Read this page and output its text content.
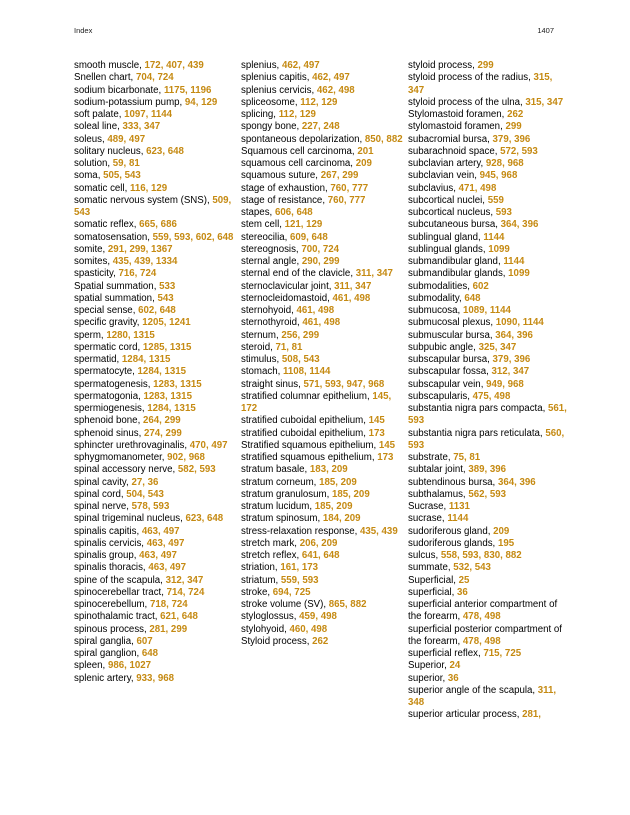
Index	1407
smooth muscle, 172, 407, 439
Snellen chart, 704, 724
sodium bicarbonate, 1175, 1196
sodium-potassium pump, 94, 129
soft palate, 1097, 1144
soleal line, 333, 347
soleus, 489, 497
solitary nucleus, 623, 648
solution, 59, 81
soma, 505, 543
somatic cell, 116, 129
somatic nervous system (SNS), 509, 543
somatic reflex, 665, 686
somatosensation, 559, 593, 602, 648
somite, 291, 299, 1367
somites, 435, 439, 1334
spasticity, 716, 724
Spatial summation, 533
spatial summation, 543
special sense, 602, 648
specific gravity, 1205, 1241
sperm, 1280, 1315
spermatic cord, 1285, 1315
spermatid, 1284, 1315
spermatocyte, 1284, 1315
spermatogenesis, 1283, 1315
spermatogonia, 1283, 1315
spermiogenesis, 1284, 1315
sphenoid bone, 264, 299
sphenoid sinus, 274, 299
sphincter urethrovaginalis, 470, 497
sphygmomanometer, 902, 968
spinal accessory nerve, 582, 593
spinal cavity, 27, 36
spinal cord, 504, 543
spinal nerve, 578, 593
spinal trigeminal nucleus, 623, 648
spinalis capitis, 463, 497
spinalis cervicis, 463, 497
spinalis group, 463, 497
spinalis thoracis, 463, 497
spine of the scapula, 312, 347
spinocerebellar tract, 714, 724
spinocerebellum, 718, 724
spinothalamic tract, 621, 648
spinous process, 281, 299
spiral ganglia, 607
spiral ganglion, 648
spleen, 986, 1027
splenic artery, 933, 968
splenius, 462, 497
splenius capitis, 462, 497
splenius cervicis, 462, 498
spliceosome, 112, 129
splicing, 112, 129
spongy bone, 227, 248
spontaneous depolarization, 850, 882
Squamous cell carcinoma, 201
squamous cell carcinoma, 209
squamous suture, 267, 299
stage of exhaustion, 760, 777
stage of resistance, 760, 777
stapes, 606, 648
stem cell, 121, 129
stereocilia, 609, 648
stereognosis, 700, 724
sternal angle, 290, 299
sternal end of the clavicle, 311, 347
sternoclavicular joint, 311, 347
sternocleidomastoid, 461, 498
sternohyoid, 461, 498
sternothyroid, 461, 498
sternum, 256, 299
steroid, 71, 81
stimulus, 508, 543
stomach, 1108, 1144
straight sinus, 571, 593, 947, 968
stratified columnar epithelium, 145, 172
stratified cuboidal epithelium, 145
stratified cuboidal epithelium, 173
Stratified squamous epithelium, 145
stratified squamous epithelium, 173
stratum basale, 183, 209
stratum corneum, 185, 209
stratum granulosum, 185, 209
stratum lucidum, 185, 209
stratum spinosum, 184, 209
stress-relaxation response, 435, 439
stretch mark, 206, 209
stretch reflex, 641, 648
striation, 161, 173
striatum, 559, 593
stroke, 694, 725
stroke volume (SV), 865, 882
styloglossus, 459, 498
stylohyoid, 460, 498
Styloid process, 262
styloid process, 299
styloid process of the radius, 315, 347
styloid process of the ulna, 315, 347
Stylomastoid foramen, 262
stylomastoid foramen, 299
subacromial bursa, 379, 396
subarachnoid space, 572, 593
subclavian artery, 928, 968
subclavian vein, 945, 968
subclavius, 471, 498
subcortical nuclei, 559
subcortical nucleus, 593
subcutaneous bursa, 364, 396
sublingual gland, 1144
sublingual glands, 1099
submandibular gland, 1144
submandibular glands, 1099
submodalities, 602
submodality, 648
submucosa, 1089, 1144
submucosal plexus, 1090, 1144
submuscular bursa, 364, 396
subpubic angle, 325, 347
subscapular bursa, 379, 396
subscapular fossa, 312, 347
subscapular vein, 949, 968
subscapularis, 475, 498
substantia nigra pars compacta, 561, 593
substantia nigra pars reticulata, 560, 593
substrate, 75, 81
subtalar joint, 389, 396
subtendinous bursa, 364, 396
subthalamus, 562, 593
Sucrase, 1131
sucrase, 1144
sudoriferous gland, 209
sudoriferous glands, 195
sulcus, 558, 593, 830, 882
summate, 532, 543
Superficial, 25
superficial, 36
superficial anterior compartment of the forearm, 478, 498
superficial posterior compartment of the forearm, 478, 498
superficial reflex, 715, 725
Superior, 24
superior, 36
superior angle of the scapula, 311, 348
superior articular process, 281,
